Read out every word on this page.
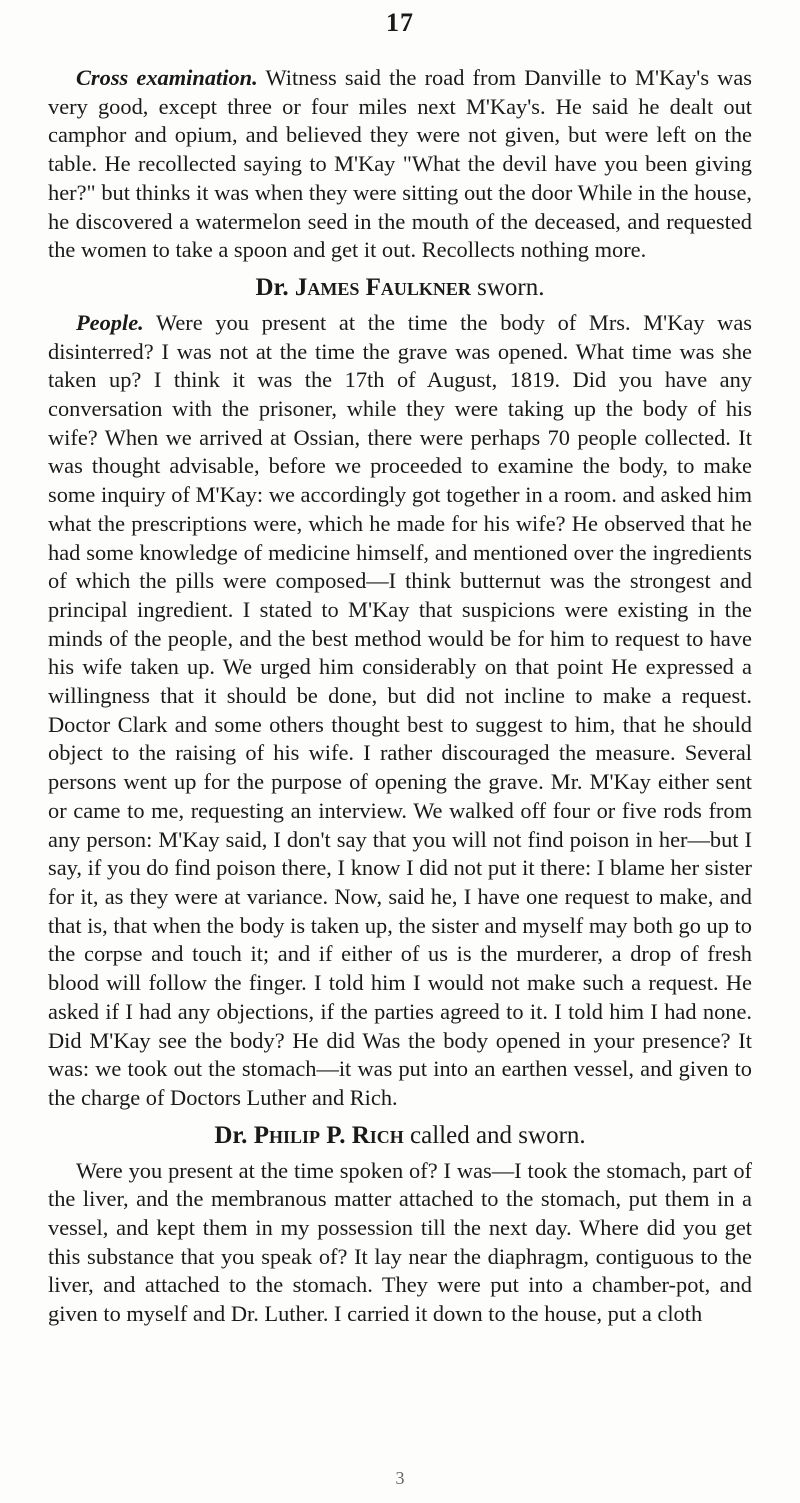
17

Cross examination. Witness said the road from Danville to M'Kay's was very good, except three or four miles next M'Kay's. He said he dealt out camphor and opium, and believed they were not given, but were left on the table. He recollected saying to M'Kay "What the devil have you been giving her?" but thinks it was when they were sitting out the door While in the house, he discovered a watermelon seed in the mouth of the deceased, and requested the women to take a spoon and get it out. Recollects nothing more.

Dr. James Faulkner sworn.

People. Were you present at the time the body of Mrs. M'Kay was disinterred? I was not at the time the grave was opened. What time was she taken up? I think it was the 17th of August, 1819. Did you have any conversation with the prisoner, while they were taking up the body of his wife? When we arrived at Ossian, there were perhaps 70 people collected. It was thought advisable, before we proceeded to examine the body, to make some inquiry of M'Kay: we accordingly got together in a room. and asked him what the prescriptions were, which he made for his wife? He observed that he had some knowledge of medicine himself, and mentioned over the ingredients of which the pills were composed—I think butternut was the strongest and principal ingredient. I stated to M'Kay that suspicions were existing in the minds of the people, and the best method would be for him to request to have his wife taken up. We urged him considerably on that point He expressed a willingness that it should be done, but did not incline to make a request. Doctor Clark and some others thought best to suggest to him, that he should object to the raising of his wife. I rather discouraged the measure. Several persons went up for the purpose of opening the grave. Mr. M'Kay either sent or came to me, requesting an interview. We walked off four or five rods from any person: M'Kay said, I don't say that you will not find poison in her—but I say, if you do find poison there, I know I did not put it there: I blame her sister for it, as they were at variance. Now, said he, I have one request to make, and that is, that when the body is taken up, the sister and myself may both go up to the corpse and touch it; and if either of us is the murderer, a drop of fresh blood will follow the finger. I told him I would not make such a request. He asked if I had any objections, if the parties agreed to it. I told him I had none. Did M'Kay see the body? He did Was the body opened in your presence? It was: we took out the stomach—it was put into an earthen vessel, and given to the charge of Doctors Luther and Rich.

Dr. Philip P. Rich called and sworn.

Were you present at the time spoken of? I was—I took the stomach, part of the liver, and the membranous matter attached to the stomach, put them in a vessel, and kept them in my possession till the next day. Where did you get this substance that you speak of? It lay near the diaphragm, contiguous to the liver, and attached to the stomach. They were put into a chamber-pot, and given to myself and Dr. Luther. I carried it down to the house, put a cloth

3
